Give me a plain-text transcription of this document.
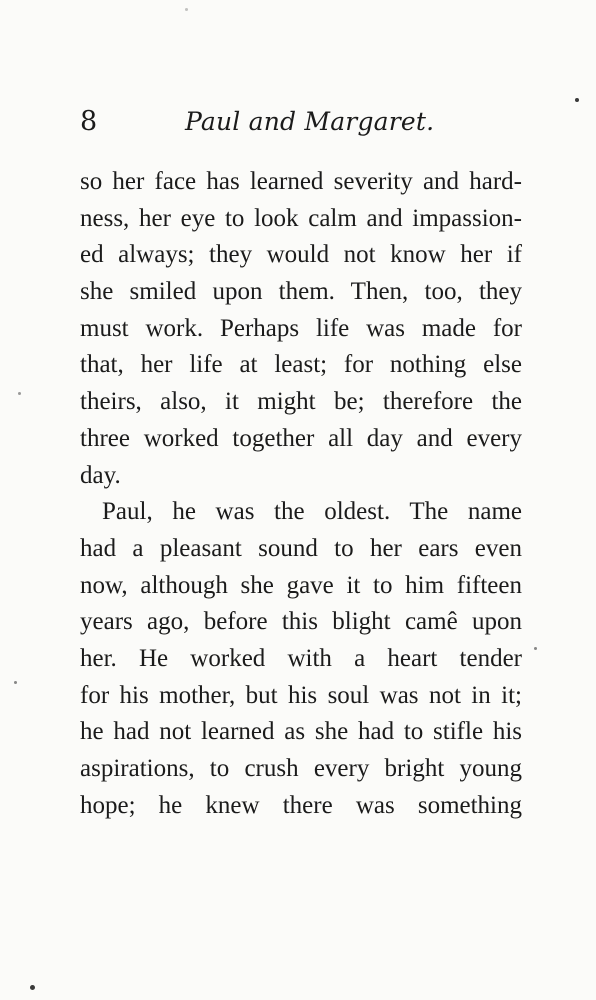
8	Paul and Margaret.
so her face has learned severity and hard-
ness, her eye to look calm and impassion-
ed always; they would not know her if
she smiled upon them. Then, too, they
must work. Perhaps life was made for
that, her life at least; for nothing else
theirs, also, it might be; therefore the
three worked together all day and every
day.
Paul, he was the oldest. The name
had a pleasant sound to her ears even
now, although she gave it to him fifteen
years ago, before this blight camê upon
her. He worked with a heart tender
for his mother, but his soul was not in it;
he had not learned as she had to stifle his
aspirations, to crush every bright young
hope; he knew there was something
